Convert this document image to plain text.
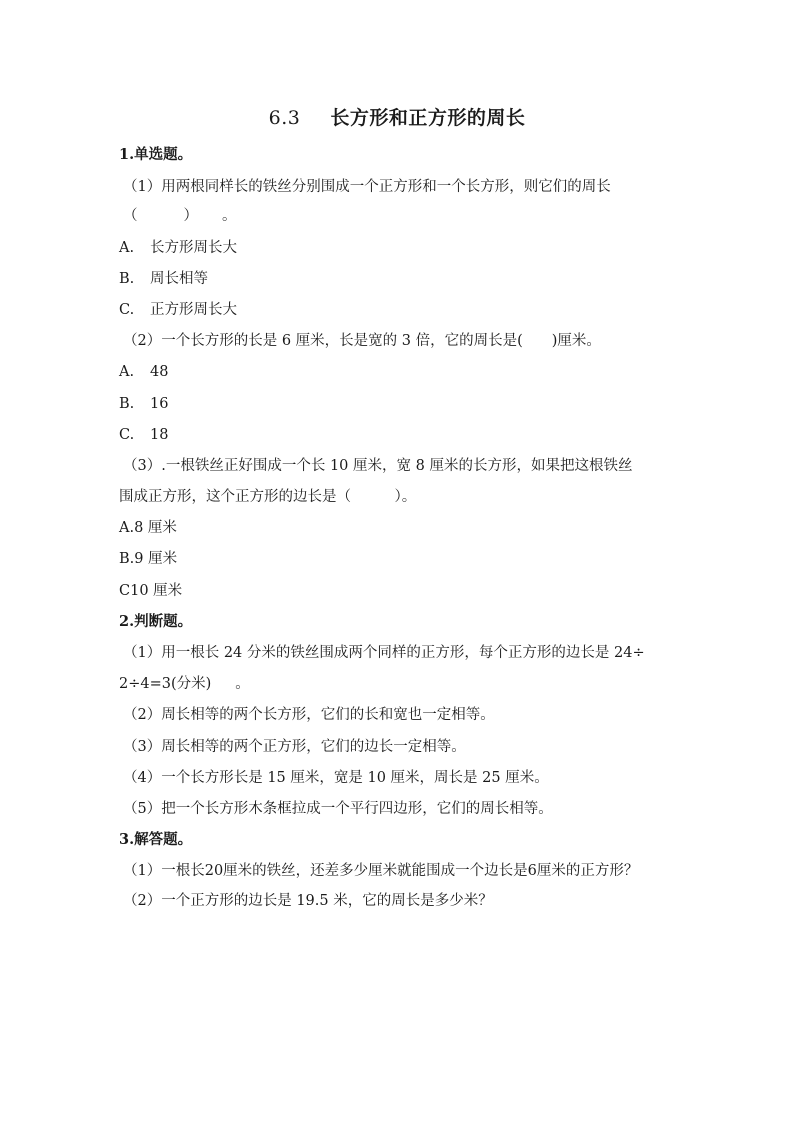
6.3 长方形和正方形的周长
1.单选题。
（1）用两根同样长的铁丝分别围成一个正方形和一个长方形，则它们的周长
（	） 。
A. 长方形周长大
B. 周长相等
C. 正方形周长大
（2）一个长方形的长是 6 厘米，长是宽的 3 倍，它的周长是(　　)厘米。
A. 48
B. 16
C. 18
（3）.一根铁丝正好围成一个长 10 厘米，宽 8 厘米的长方形，如果把这根铁丝
围成正方形，这个正方形的边长是（　　　）。
A.8 厘米
B.9 厘米
C10 厘米
2.判断题。
（1）用一根长 24 分米的铁丝围成两个同样的正方形，每个正方形的边长是 24÷
2÷4=3(分米) 。
（2）周长相等的两个长方形，它们的长和宽也一定相等。
（3）周长相等的两个正方形，它们的边长一定相等。
（4）一个长方形长是 15 厘米，宽是 10 厘米，周长是 25 厘米。
（5）把一个长方形木条框拉成一个平行四边形，它们的周长相等。
3.解答题。
（1）一根长20厘米的铁丝，还差多少厘米就能围成一个边长是6厘米的正方形？
（2）一个正方形的边长是 19.5 米，它的周长是多少米？
